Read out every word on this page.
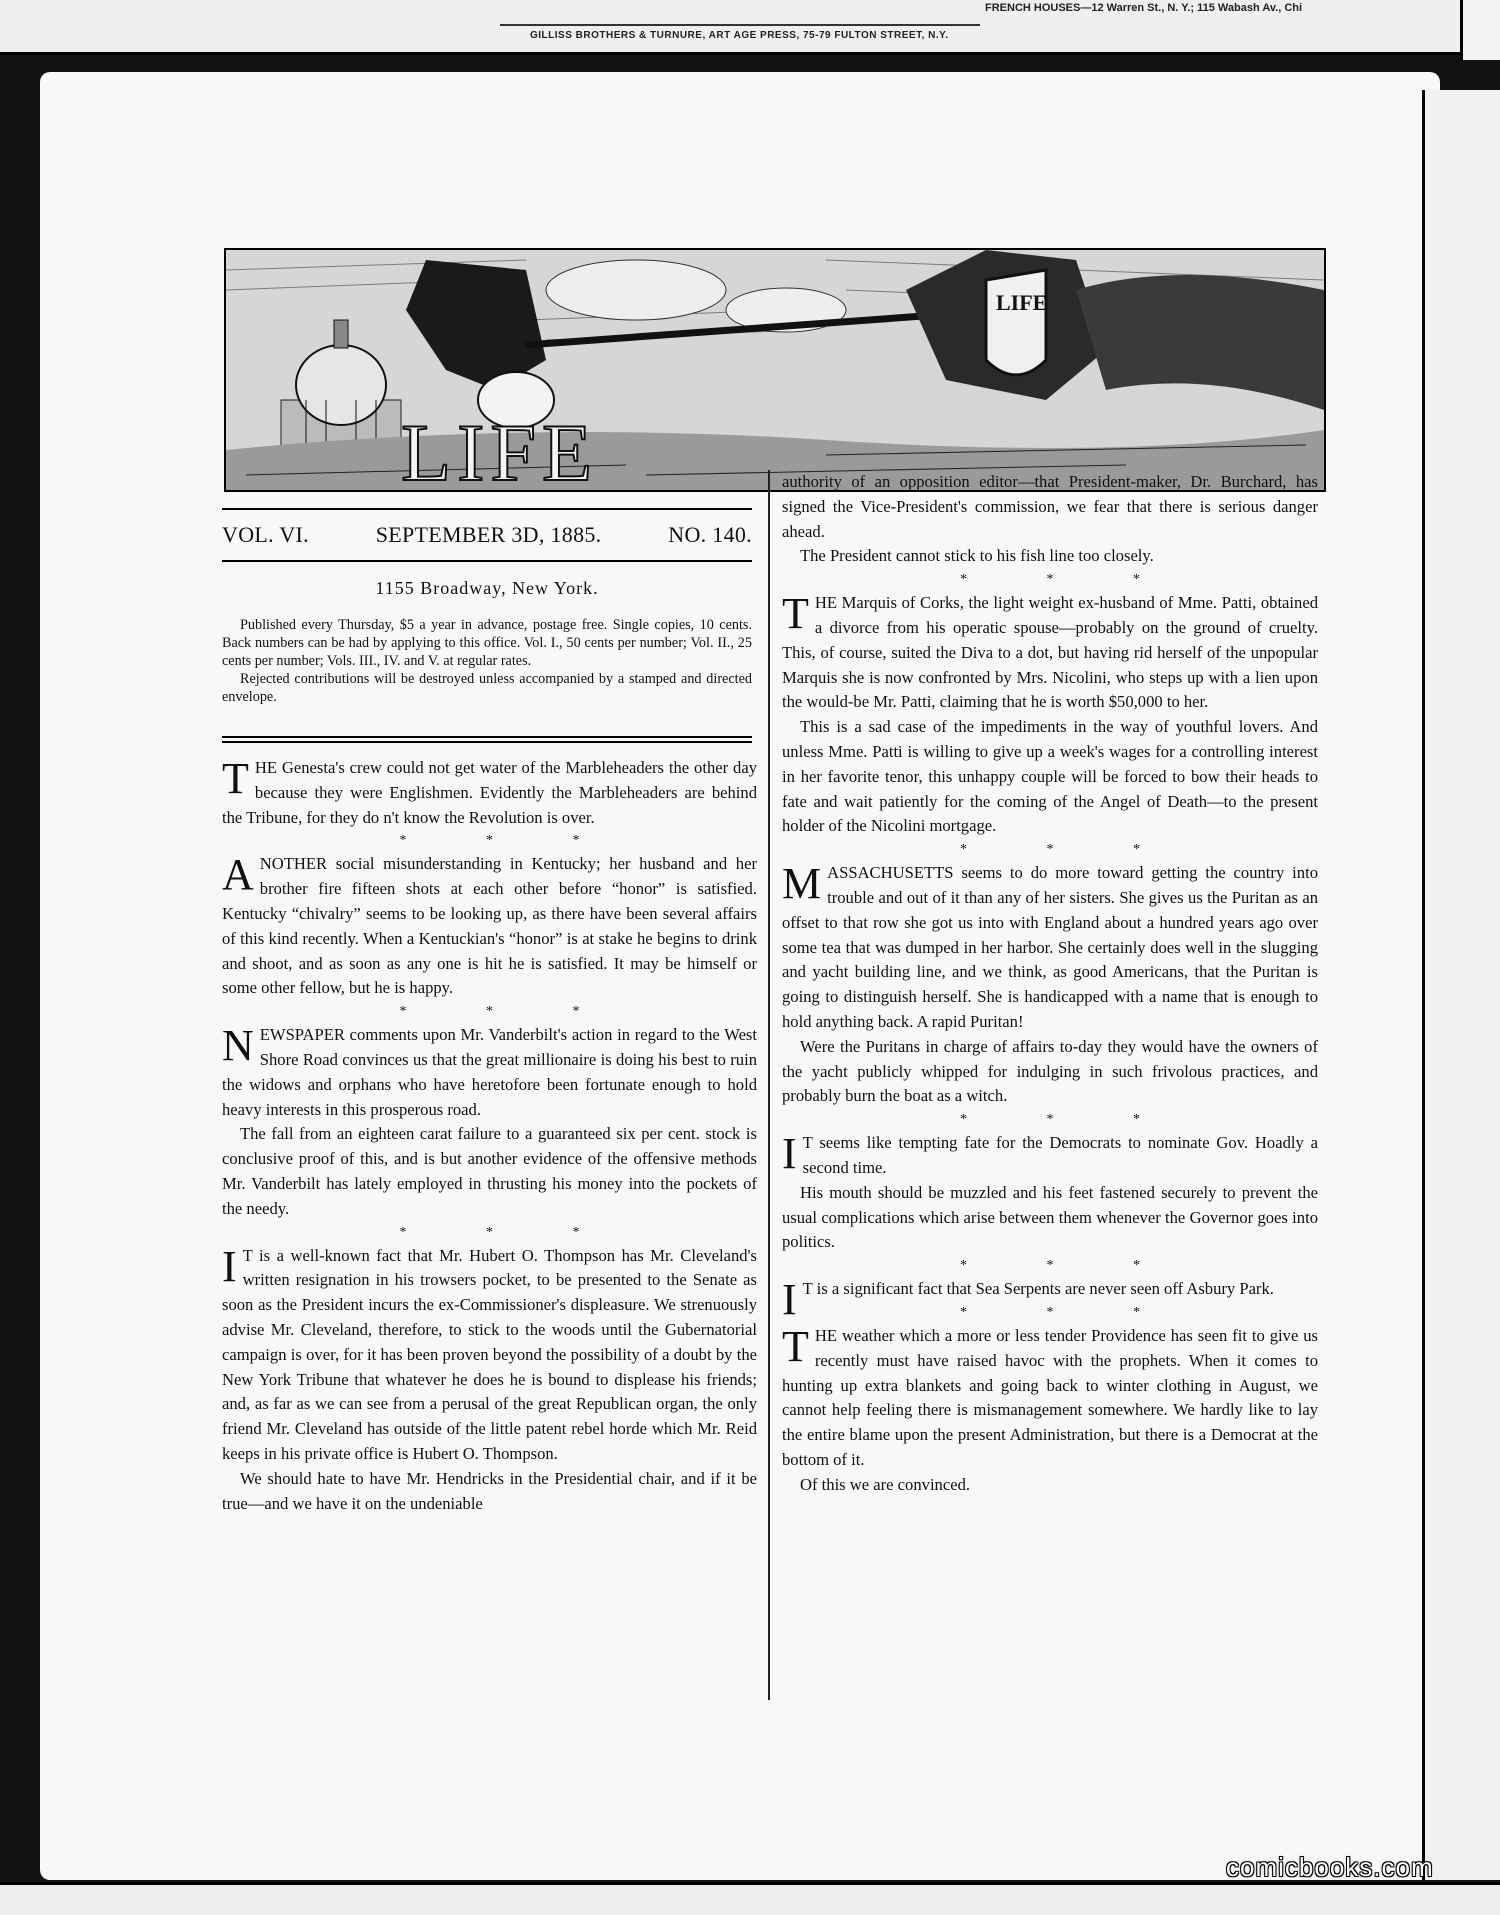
GILLISS BROTHERS & TURNURE, ART AGE PRESS, 75-79 FULTON STREET, N.Y.
FRENCH HOUSES—12 Warren St., N. Y.; 115 Wabash Av., Chi
LIFE
LIFE
VOL. VI.	SEPTEMBER 3D, 1885.	NO. 140.
1155 Broadway, New York.

Published every Thursday, $5 a year in advance, postage free. Single copies, 10 cents. Back numbers can be had by applying to this office. Vol. I., 50 cents per number; Vol. II., 25 cents per number; Vols. III., IV. and V. at regular rates.

Rejected contributions will be destroyed unless accompanied by a stamped and directed envelope.

THE Genesta's crew could not get water of the Marbleheaders the other day because they were Englishmen. Evidently the Marbleheaders are behind the Tribune, for they do n't know the Revolution is over.

* * *

ANOTHER social misunderstanding in Kentucky; her husband and her brother fire fifteen shots at each other before “honor” is satisfied. Kentucky “chivalry” seems to be looking up, as there have been several affairs of this kind recently. When a Kentuckian's “honor” is at stake he begins to drink and shoot, and as soon as any one is hit he is satisfied. It may be himself or some other fellow, but he is happy.

* * *

NEWSPAPER comments upon Mr. Vanderbilt's action in regard to the West Shore Road convinces us that the great millionaire is doing his best to ruin the widows and orphans who have heretofore been fortunate enough to hold heavy interests in this prosperous road.

The fall from an eighteen carat failure to a guaranteed six per cent. stock is conclusive proof of this, and is but another evidence of the offensive methods Mr. Vanderbilt has lately employed in thrusting his money into the pockets of the needy.

* * *

I T is a well-known fact that Mr. Hubert O. Thompson has Mr. Cleveland's written resignation in his trowsers pocket, to be presented to the Senate as soon as the President incurs the ex-Commissioner's displeasure. We strenuously advise Mr. Cleveland, therefore, to stick to the woods until the Gubernatorial campaign is over, for it has been proven beyond the possibility of a doubt by the New York Tribune that whatever he does he is bound to displease his friends; and, as far as we can see from a perusal of the great Republican organ, the only friend Mr. Cleveland has outside of the little patent rebel horde which Mr. Reid keeps in his private office is Hubert O. Thompson.

We should hate to have Mr. Hendricks in the Presidential chair, and if it be true—and we have it on the undeniable

authority of an opposition editor—that President-maker, Dr. Burchard, has signed the Vice-President's commission, we fear that there is serious danger ahead.

The President cannot stick to his fish line too closely.

* * *

THE Marquis of Corks, the light weight ex-husband of Mme. Patti, obtained a divorce from his operatic spouse—probably on the ground of cruelty. This, of course, suited the Diva to a dot, but having rid herself of the unpopular Marquis she is now confronted by Mrs. Nicolini, who steps up with a lien upon the would-be Mr. Patti, claiming that he is worth $50,000 to her.

This is a sad case of the impediments in the way of youthful lovers. And unless Mme. Patti is willing to give up a week's wages for a controlling interest in her favorite tenor, this unhappy couple will be forced to bow their heads to fate and wait patiently for the coming of the Angel of Death—to the present holder of the Nicolini mortgage.

* * *

MASSACHUSETTS seems to do more toward getting the country into trouble and out of it than any of her sisters. She gives us the Puritan as an offset to that row she got us into with England about a hundred years ago over some tea that was dumped in her harbor. She certainly does well in the slugging and yacht building line, and we think, as good Americans, that the Puritan is going to distinguish herself. She is handicapped with a name that is enough to hold anything back. A rapid Puritan!

Were the Puritans in charge of affairs to-day they would have the owners of the yacht publicly whipped for indulging in such frivolous practices, and probably burn the boat as a witch.

* * *

I T seems like tempting fate for the Democrats to nominate Gov. Hoadly a second time.

His mouth should be muzzled and his feet fastened securely to prevent the usual complications which arise between them whenever the Governor goes into politics.

* * *

I T is a significant fact that Sea Serpents are never seen off Asbury Park.

* * *

THE weather which a more or less tender Providence has seen fit to give us recently must have raised havoc with the prophets. When it comes to hunting up extra blankets and going back to winter clothing in August, we cannot help feeling there is mismanagement somewhere. We hardly like to lay the entire blame upon the present Administration, but there is a Democrat at the bottom of it.

Of this we are convinced.

comicbooks.com
